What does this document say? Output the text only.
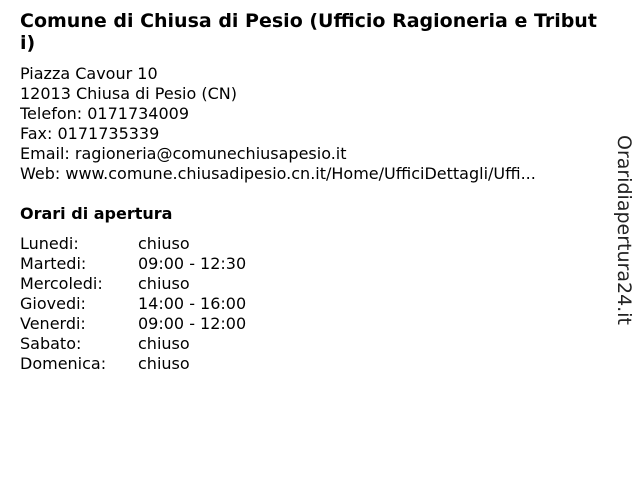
Comune di Chiusa di Pesio (Ufficio Ragioneria e Tributi)
Piazza Cavour 10
12013 Chiusa di Pesio (CN)
Telefon: 0171734009
Fax: 0171735339
Email: ragioneria@comunechiusapesio.it
Web: www.comune.chiusadipesio.cn.it/Home/UfficiDettagli/Uffi...
Orari di apertura
Lunedi:	chiuso
Martedi:	09:00 - 12:30
Mercoledi:	chiuso
Giovedi:	14:00 - 16:00
Venerdi:	09:00 - 12:00
Sabato:	chiuso
Domenica:	chiuso
Oraridiapertura24.it
